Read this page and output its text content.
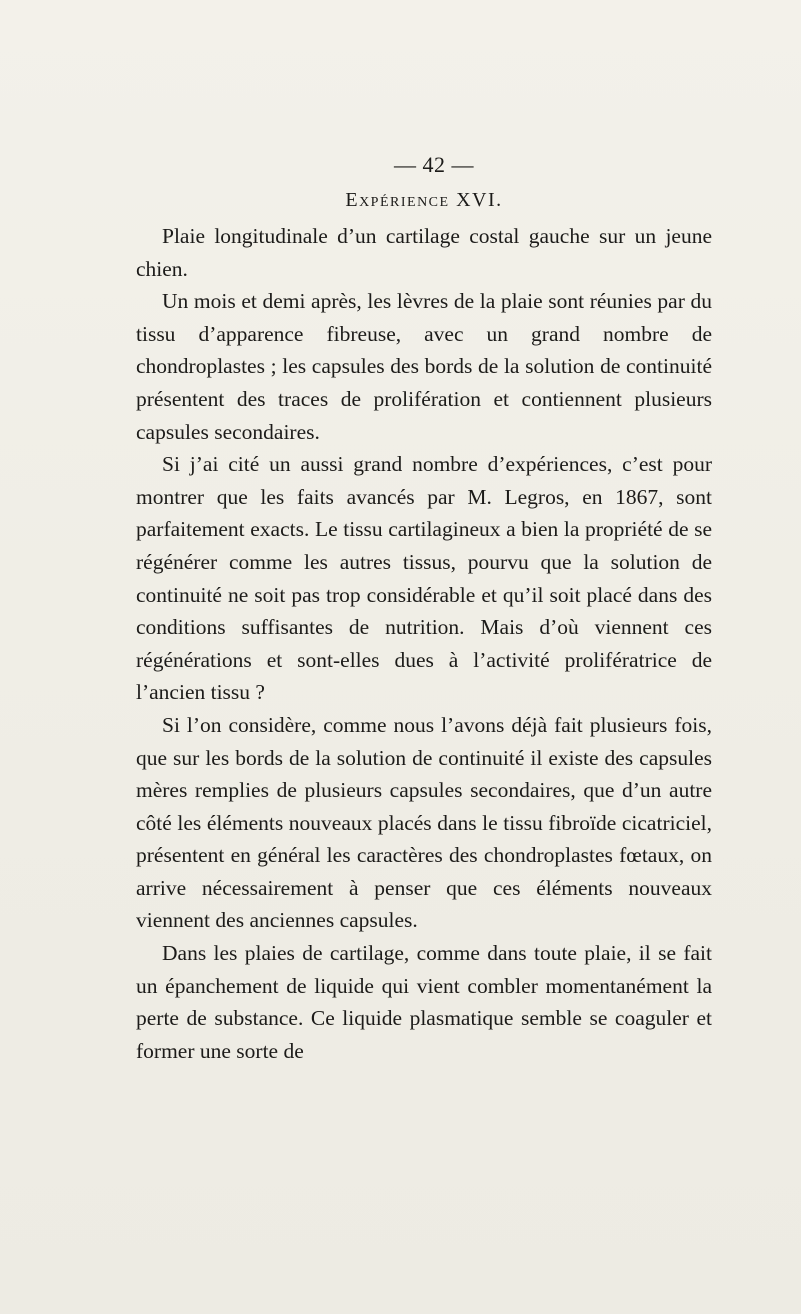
— 42 —
Expérience XVI.

Plaie longitudinale d’un cartilage costal gauche sur un jeune chien.

Un mois et demi après, les lèvres de la plaie sont réunies par du tissu d’apparence fibreuse, avec un grand nombre de chondroplastes ; les capsules des bords de la solution de continuité présentent des traces de prolifération et contiennent plusieurs capsules secondaires.

Si j’ai cité un aussi grand nombre d’expériences, c’est pour montrer que les faits avancés par M. Legros, en 1867, sont parfaitement exacts. Le tissu cartilagineux a bien la propriété de se régénérer comme les autres tissus, pourvu que la solution de continuité ne soit pas trop considérable et qu’il soit placé dans des conditions suffisantes de nutrition. Mais d’où viennent ces régénérations et sont-elles dues à l’activité prolifératrice de l’ancien tissu ?

Si l’on considère, comme nous l’avons déjà fait plusieurs fois, que sur les bords de la solution de continuité il existe des capsules mères remplies de plusieurs capsules secondaires, que d’un autre côté les éléments nouveaux placés dans le tissu fibroïde cicatriciel, présentent en général les caractères des chondroplastes fœtaux, on arrive nécessairement à penser que ces éléments nouveaux viennent des anciennes capsules.

Dans les plaies de cartilage, comme dans toute plaie, il se fait un épanchement de liquide qui vient combler momentanément la perte de substance. Ce liquide plasmatique semble se coaguler et former une sorte de
